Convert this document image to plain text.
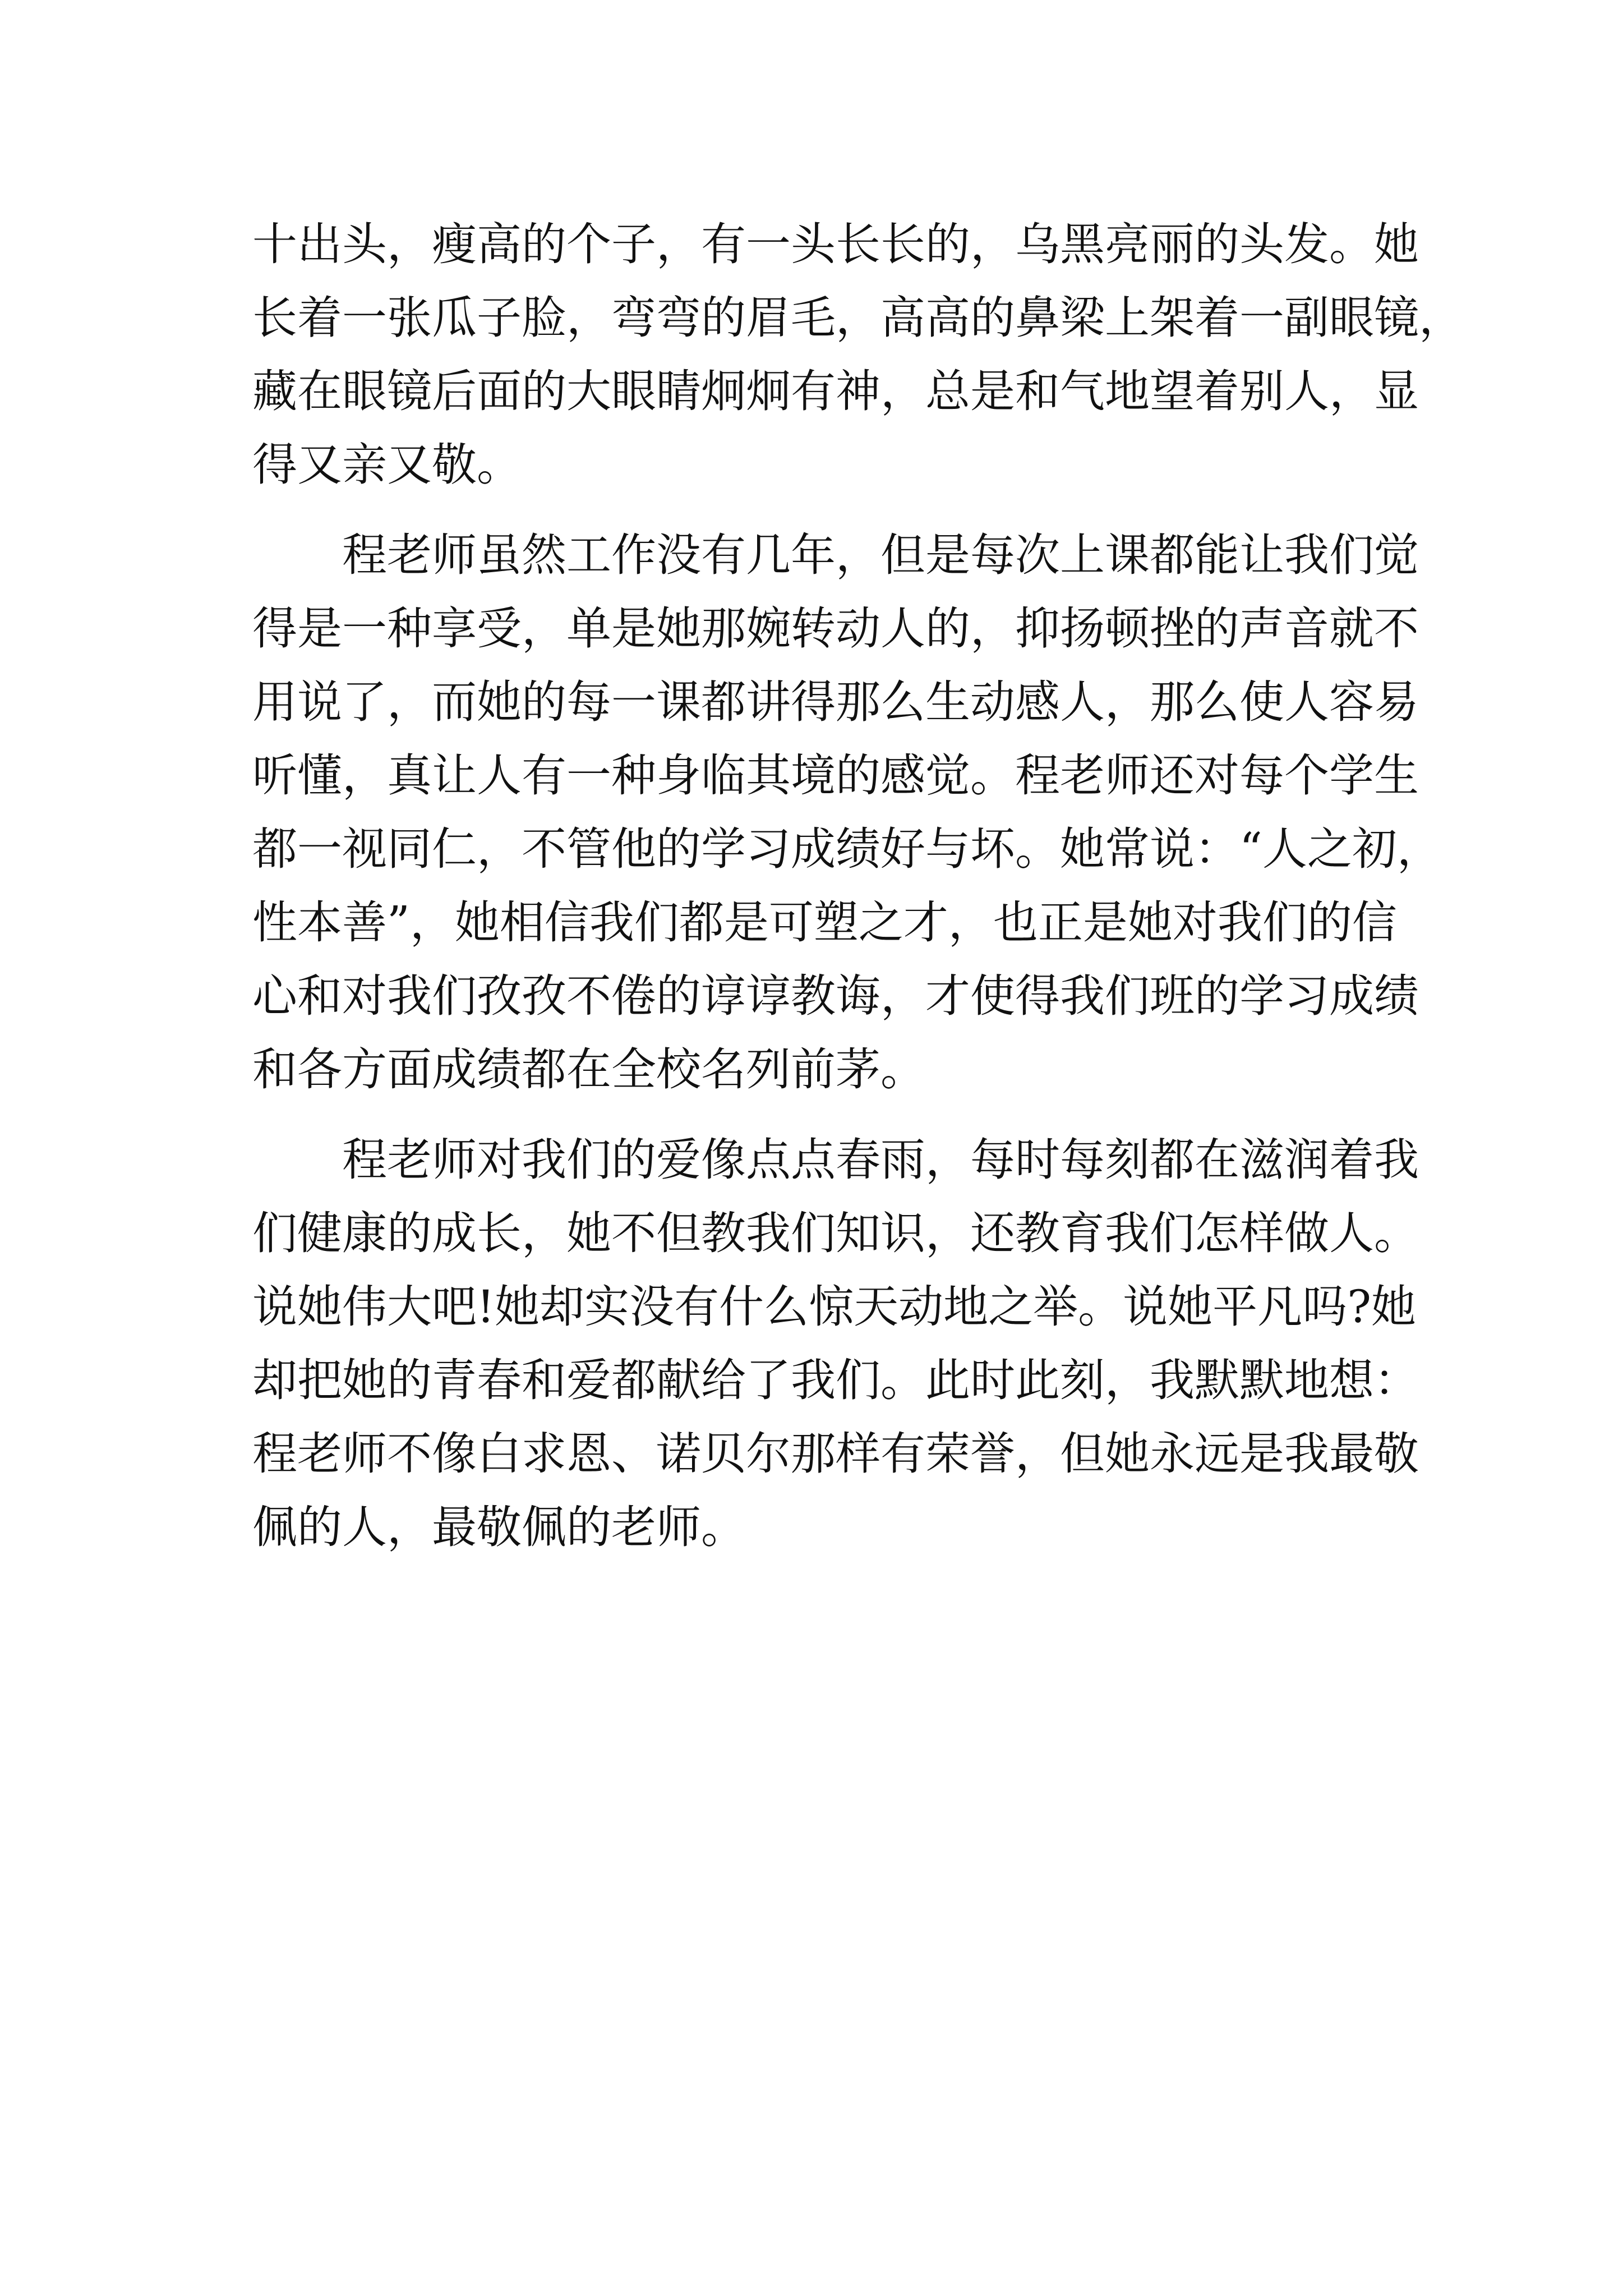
十出头，瘦高的个子，有一头长长的，乌黑亮丽的头发。她
长着一张瓜子脸，弯弯的眉毛，高高的鼻梁上架着一副眼镜，
藏在眼镜后面的大眼睛炯炯有神，总是和气地望着别人，显
得又亲又敬。
程老师虽然工作没有几年，但是每次上课都能让我们觉
得是一种享受，单是她那婉转动人的，抑扬顿挫的声音就不
用说了，而她的每一课都讲得那么生动感人，那么使人容易
听懂，真让人有一种身临其境的感觉。程老师还对每个学生
都一视同仁，不管他的学习成绩好与坏。她常说：“人之初，
性本善”，她相信我们都是可塑之才，也正是她对我们的信
心和对我们孜孜不倦的谆谆教诲，才使得我们班的学习成绩
和各方面成绩都在全校名列前茅。
程老师对我们的爱像点点春雨，每时每刻都在滋润着我
们健康的成长，她不但教我们知识，还教育我们怎样做人。
说她伟大吧!她却实没有什么惊天动地之举。说她平凡吗?她
却把她的青春和爱都献给了我们。此时此刻，我默默地想：
程老师不像白求恩、诺贝尔那样有荣誉，但她永远是我最敬
佩的人，最敬佩的老师。
